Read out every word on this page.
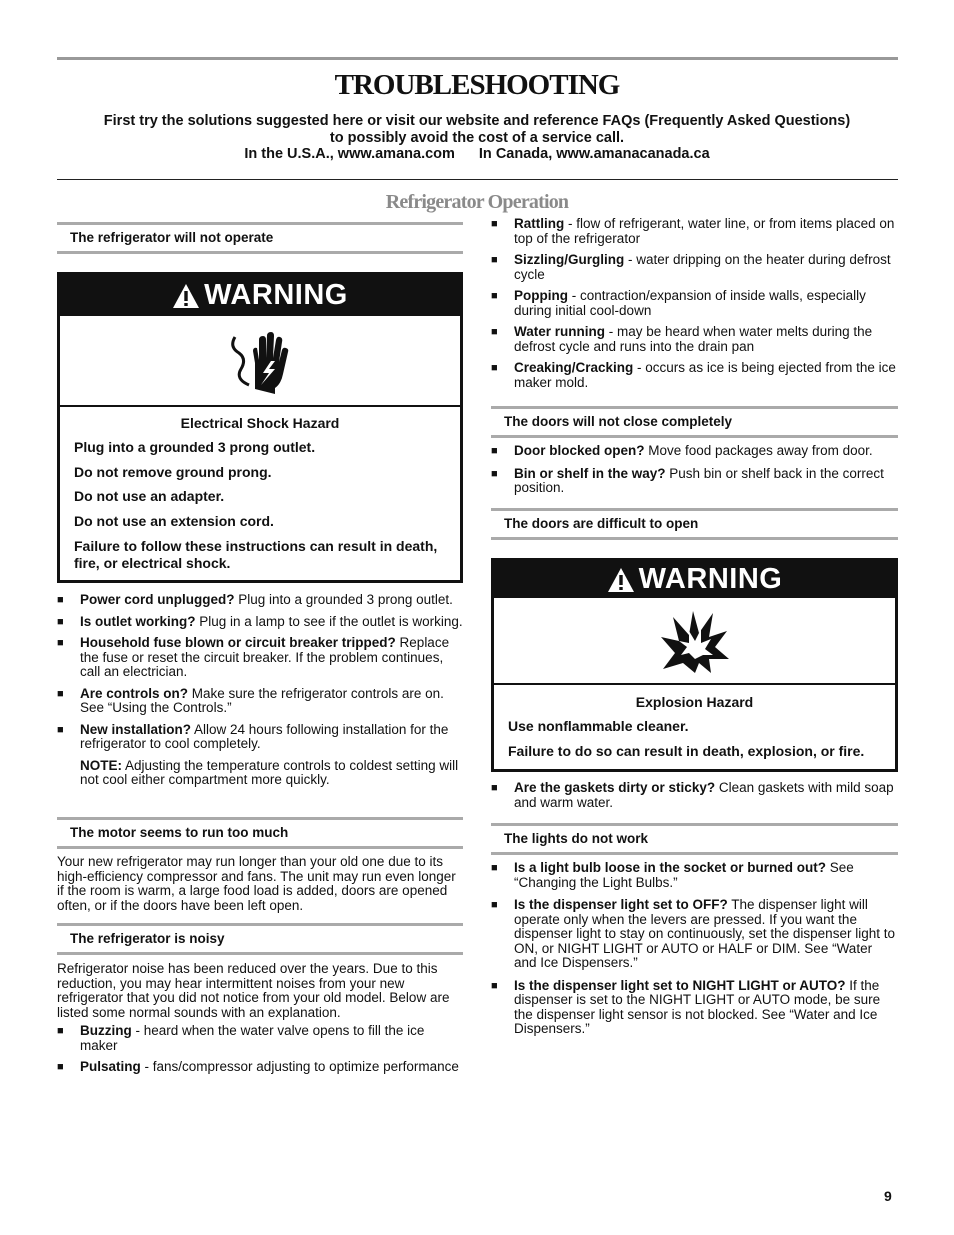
TROUBLESHOOTING
First try the solutions suggested here or visit our website and reference FAQs (Frequently Asked Questions)
to possibly avoid the cost of a service call.
In the U.S.A., www.amana.com In Canada, www.amanacanada.ca
Refrigerator Operation
The refrigerator will not operate
WARNING

Electrical Shock Hazard

Plug into a grounded 3 prong outlet.

Do not remove ground prong.

Do not use an adapter.

Do not use an extension cord.

Failure to follow these instructions can result in death, fire, or electrical shock.

■ Power cord unplugged? Plug into a grounded 3 prong outlet.
■ Is outlet working? Plug in a lamp to see if the outlet is working.
■ Household fuse blown or circuit breaker tripped? Replace the fuse or reset the circuit breaker. If the problem continues, call an electrician.
■ Are controls on? Make sure the refrigerator controls are on. See “Using the Controls.”
■ New installation? Allow 24 hours following installation for the refrigerator to cool completely.
NOTE: Adjusting the temperature controls to coldest setting will not cool either compartment more quickly.
The motor seems to run too much

Your new refrigerator may run longer than your old one due to its high-efficiency compressor and fans. The unit may run even longer if the room is warm, a large food load is added, doors are opened often, or if the doors have been left open.

The refrigerator is noisy

Refrigerator noise has been reduced over the years. Due to this reduction, you may hear intermittent noises from your new refrigerator that you did not notice from your old model. Below are listed some normal sounds with an explanation.

■ Buzzing - heard when the water valve opens to fill the ice maker
■ Pulsating - fans/compressor adjusting to optimize performance
■ Rattling - flow of refrigerant, water line, or from items placed on top of the refrigerator
■ Sizzling/Gurgling - water dripping on the heater during defrost cycle
■ Popping - contraction/expansion of inside walls, especially during initial cool-down
■ Water running - may be heard when water melts during the defrost cycle and runs into the drain pan
■ Creaking/Cracking - occurs as ice is being ejected from the ice maker mold.
The doors will not close completely
■ Door blocked open? Move food packages away from door.
■ Bin or shelf in the way? Push bin or shelf back in the correct position.
The doors are difficult to open
WARNING

Explosion Hazard

Use nonflammable cleaner.

Failure to do so can result in death, explosion, or fire.

■ Are the gaskets dirty or sticky? Clean gaskets with mild soap and warm water.
The lights do not work
■ Is a light bulb loose in the socket or burned out? See “Changing the Light Bulbs.”
■ Is the dispenser light set to OFF? The dispenser light will operate only when the levers are pressed. If you want the dispenser light to stay on continuously, set the dispenser light to ON, or NIGHT LIGHT or AUTO or HALF or DIM. See “Water and Ice Dispensers.”
■ Is the dispenser light set to NIGHT LIGHT or AUTO? If the dispenser is set to the NIGHT LIGHT or AUTO mode, be sure the dispenser light sensor is not blocked. See “Water and Ice Dispensers.”
9
